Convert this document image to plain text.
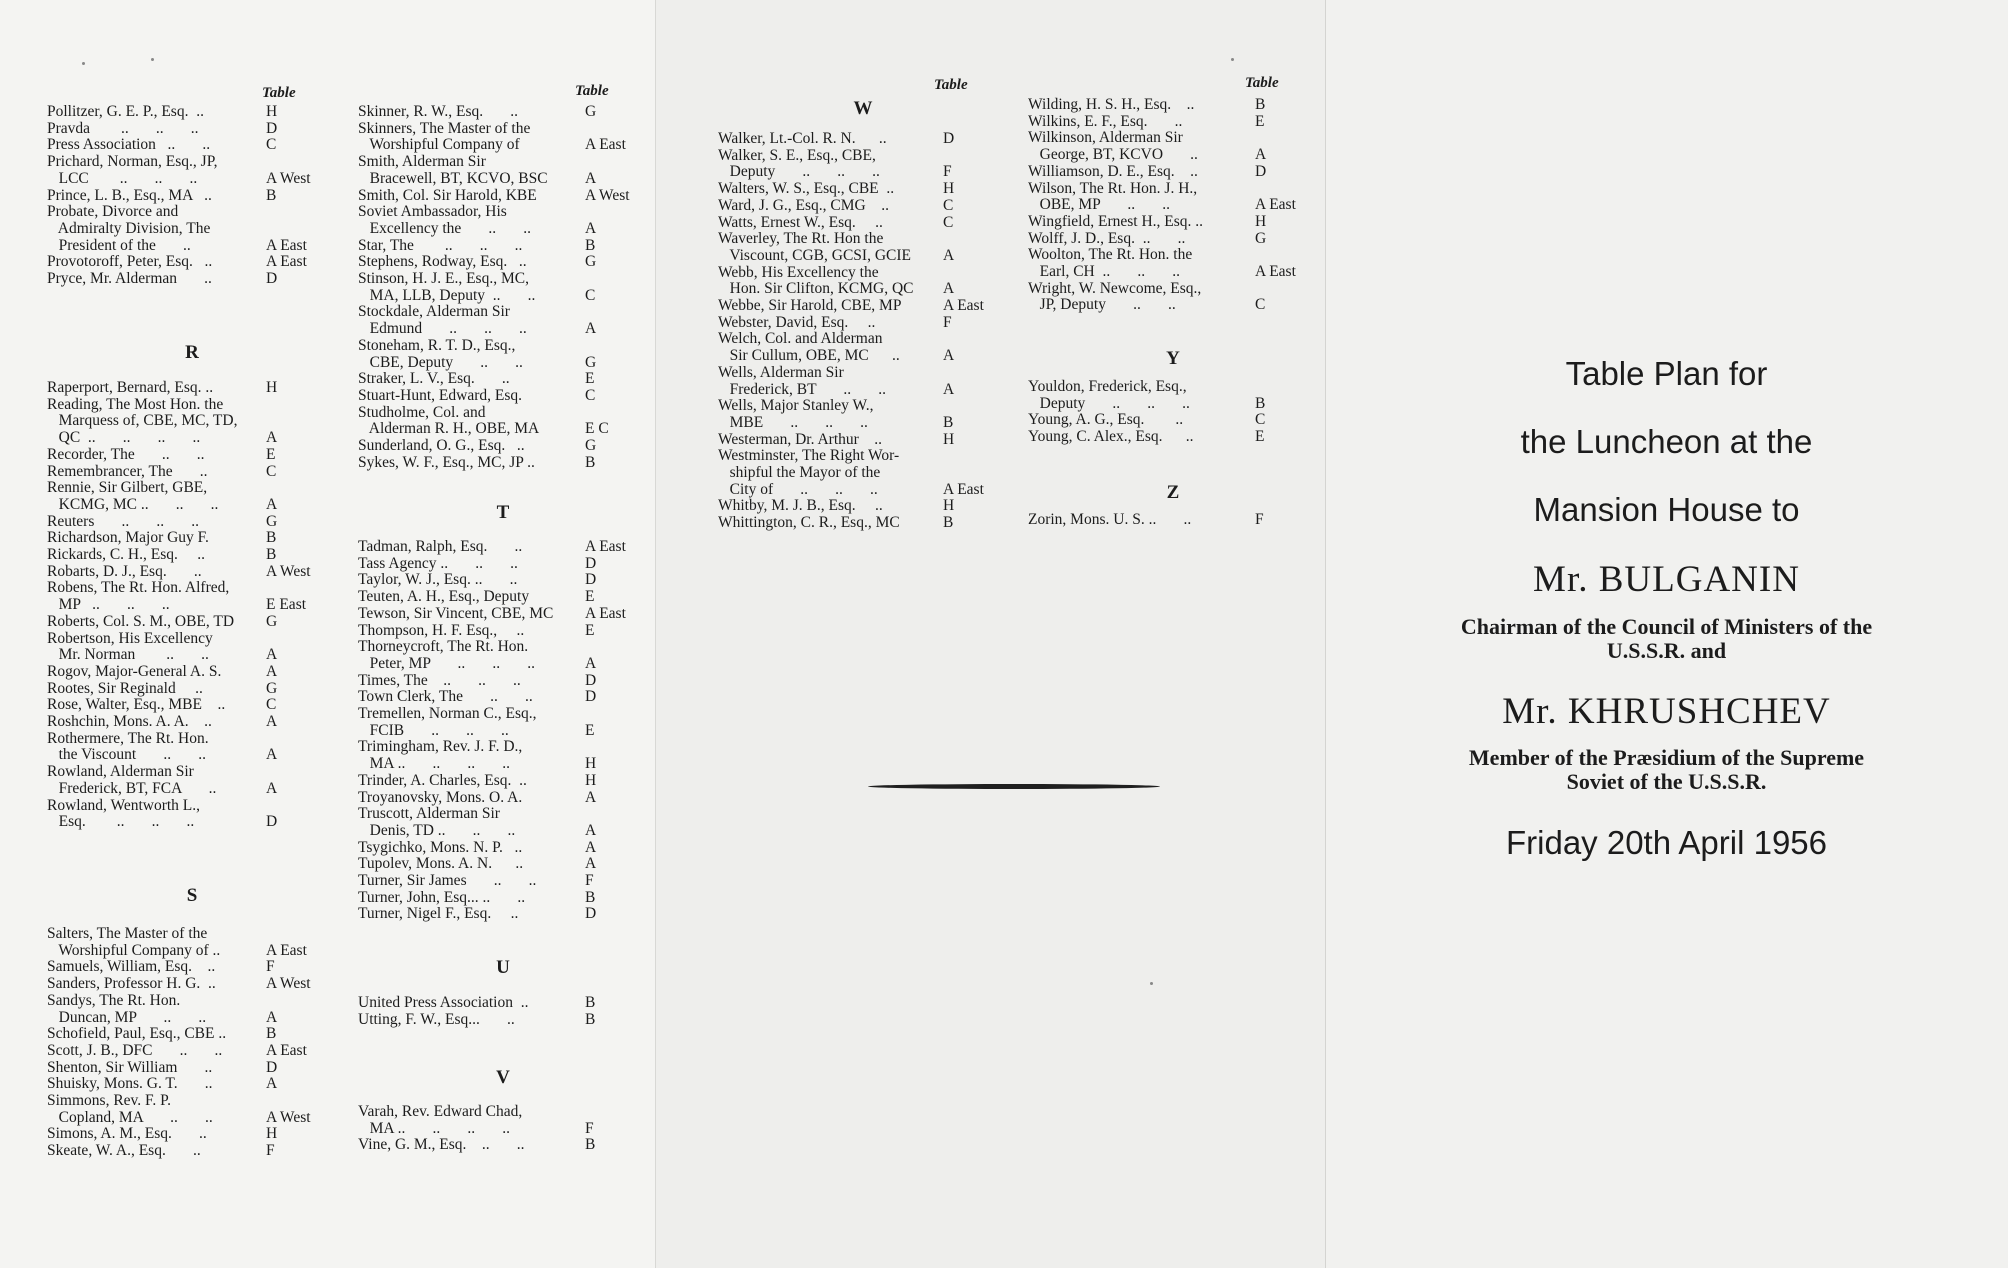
Table
Pollitzer, G. E. P., Esq.  ..	H
Pravda        ..       ..       ..	D
Press Association   ..       ..	C
Prichard, Norman, Esq., JP,
LCC        ..       ..       ..	A West
Prince, L. B., Esq., MA   ..	B
Probate, Divorce and
Admiralty Division, The
President of the       ..	A East
Provotoroff, Peter, Esq.   ..	A East
Pryce, Mr. Alderman       ..	D
R
Raperport, Bernard, Esq. ..	H
Reading, The Most Hon. the
Marquess of, CBE, MC, TD,
QC  ..       ..       ..       ..	A
Recorder, The       ..       ..	E
Remembrancer, The       ..	C
Rennie, Sir Gilbert, GBE,
KCMG, MC ..       ..       ..	A
Reuters       ..       ..       ..	G
Richardson, Major Guy F.	B
Rickards, C. H., Esq.     ..	B
Robarts, D. J., Esq.       ..	A West
Robens, The Rt. Hon. Alfred,
MP   ..       ..       ..	E East
Roberts, Col. S. M., OBE, TD	G
Robertson, His Excellency
Mr. Norman        ..       ..	A
Rogov, Major-General A. S.	A
Rootes, Sir Reginald     ..	G
Rose, Walter, Esq., MBE    ..	C
Roshchin, Mons. A. A.    ..	A
Rothermere, The Rt. Hon.
the Viscount       ..       ..	A
Rowland, Alderman Sir
Frederick, BT, FCA       ..	A
Rowland, Wentworth L.,
Esq.        ..       ..       ..	D
S
Salters, The Master of the
Worshipful Company of ..	A East
Samuels, William, Esq.    ..	F
Sanders, Professor H. G.  ..	A West
Sandys, The Rt. Hon.
Duncan, MP       ..       ..	A
Schofield, Paul, Esq., CBE ..	B
Scott, J. B., DFC       ..       ..	A East
Shenton, Sir William       ..	D
Shuisky, Mons. G. T.       ..	A
Simmons, Rev. F. P.
Copland, MA       ..       ..	A West
Simons, A. M., Esq.       ..	H
Skeate, W. A., Esq.       ..	F
Table
Skinner, R. W., Esq.       ..	G
Skinners, The Master of the
Worshipful Company of	A East
Smith, Alderman Sir
Bracewell, BT, KCVO, BSC	A
Smith, Col. Sir Harold, KBE	A West
Soviet Ambassador, His
Excellency the       ..       ..	A
Star, The        ..       ..       ..	B
Stephens, Rodway, Esq.   ..	G
Stinson, H. J. E., Esq., MC,
MA, LLB, Deputy  ..       ..	C
Stockdale, Alderman Sir
Edmund       ..       ..       ..	A
Stoneham, R. T. D., Esq.,
CBE, Deputy       ..       ..	G
Straker, L. V., Esq.       ..	E
Stuart-Hunt, Edward, Esq.	C
Studholme, Col. and
Alderman R. H., OBE, MA	E C
Sunderland, O. G., Esq.   ..	G
Sykes, W. F., Esq., MC, JP ..	B
T
Tadman, Ralph, Esq.       ..	A East
Tass Agency ..       ..       ..	D
Taylor, W. J., Esq. ..       ..	D
Teuten, A. H., Esq., Deputy	E
Tewson, Sir Vincent, CBE, MC	A East
Thompson, H. F. Esq.,     ..	E
Thorneycroft, The Rt. Hon.
Peter, MP       ..       ..       ..	A
Times, The    ..       ..       ..	D
Town Clerk, The       ..       ..	D
Tremellen, Norman C., Esq.,
FCIB       ..       ..       ..	E
Trimingham, Rev. J. F. D.,
MA ..       ..       ..       ..	H
Trinder, A. Charles, Esq.  ..	H
Troyanovsky, Mons. O. A.	A
Truscott, Alderman Sir
Denis, TD ..       ..       ..	A
Tsygichko, Mons. N. P.   ..	A
Tupolev, Mons. A. N.      ..	A
Turner, Sir James       ..       ..	F
Turner, John, Esq... ..       ..	B
Turner, Nigel F., Esq.     ..	D
U
United Press Association  ..	B
Utting, F. W., Esq...       ..	B
V
Varah, Rev. Edward Chad,
MA ..       ..       ..       ..	F
Vine, G. M., Esq.    ..       ..	B
Table
W
Walker, Lt.-Col. R. N.      ..	D
Walker, S. E., Esq., CBE,
Deputy       ..       ..       ..	F
Walters, W. S., Esq., CBE  ..	H
Ward, J. G., Esq., CMG    ..	C
Watts, Ernest W., Esq.     ..	C
Waverley, The Rt. Hon the
Viscount, CGB, GCSI, GCIE	A
Webb, His Excellency the
Hon. Sir Clifton, KCMG, QC	A
Webbe, Sir Harold, CBE, MP	A East
Webster, David, Esq.     ..	F
Welch, Col. and Alderman
Sir Cullum, OBE, MC      ..	A
Wells, Alderman Sir
Frederick, BT       ..       ..	A
Wells, Major Stanley W.,
MBE       ..       ..       ..	B
Westerman, Dr. Arthur    ..	H
Westminster, The Right Wor-
shipful the Mayor of the
City of       ..       ..       ..	A East
Whitby, M. J. B., Esq.     ..	H
Whittington, C. R., Esq., MC	B
Table
Wilding, H. S. H., Esq.    ..	B
Wilkins, E. F., Esq.       ..	E
Wilkinson, Alderman Sir
George, BT, KCVO       ..	A
Williamson, D. E., Esq.    ..	D
Wilson, The Rt. Hon. J. H.,
OBE, MP       ..       ..	A East
Wingfield, Ernest H., Esq. ..	H
Wolff, J. D., Esq.  ..       ..	G
Woolton, The Rt. Hon. the
Earl, CH  ..       ..       ..	A East
Wright, W. Newcome, Esq.,
JP, Deputy       ..       ..	C
Y
Youldon, Frederick, Esq.,
Deputy       ..       ..       ..	B
Young, A. G., Esq.        ..	C
Young, C. Alex., Esq.      ..	E
Z
Zorin, Mons. U. S. ..       ..	F
Table Plan for
the Luncheon at the
Mansion House to
Mr. BULGANIN
Chairman of the Council of Ministers of the
U.S.S.R. and
Mr. KHRUSHCHEV
Member of the Præsidium of the Supreme
Soviet of the U.S.S.R.
Friday 20th April 1956
